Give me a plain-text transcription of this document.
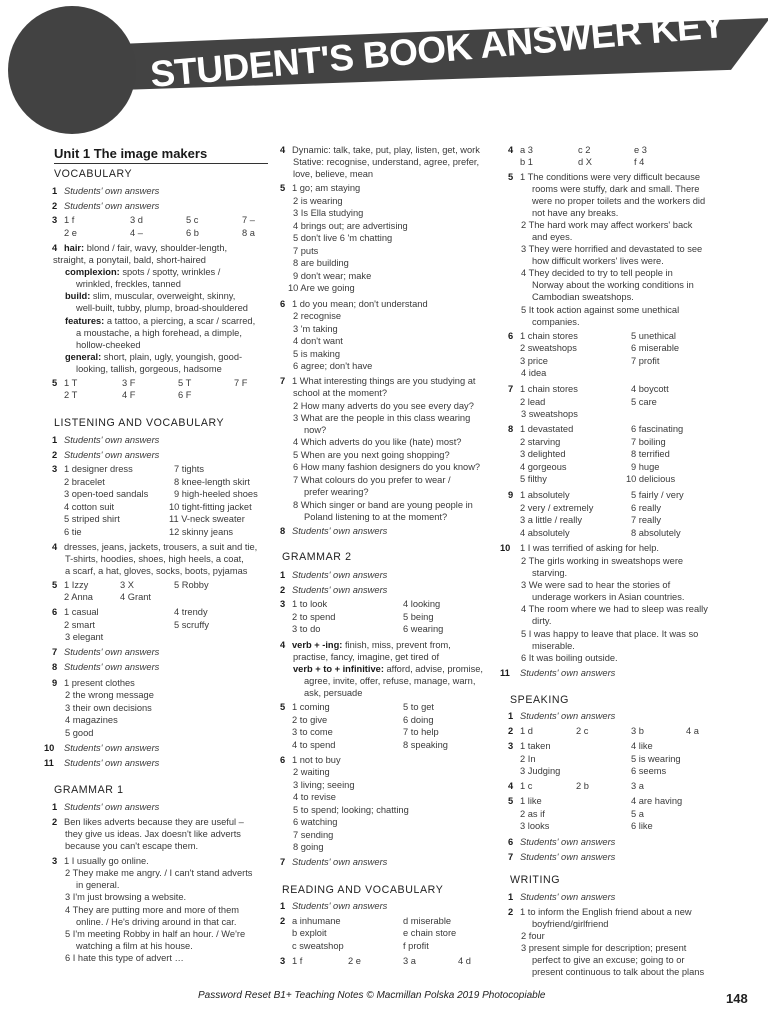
STUDENT'S BOOK ANSWER KEY
Unit 1 The image makers
VOCABULARY
1 Students' own answers
2 Students' own answers
3 1 f	3 d	5 c	7 –
2 e	4 –	6 b	8 a
4 hair: blond / fair, wavy, shoulder-length,
straight, a ponytail, bald, short-haired
complexion: spots / spotty, wrinkles /
wrinkled, freckles, tanned
build: slim, muscular, overweight, skinny,
well-built, tubby, plump, broad-shouldered
features: a tattoo, a piercing, a scar / scarred,
a moustache, a high forehead, a dimple,
hollow-cheeked
general: short, plain, ugly, youngish, good-
looking, tallish, gorgeous, hadsome
5 1 T	3 F	5 T	7 F
2 T	4 F	6 F
LISTENING AND VOCABULARY
1 Students' own answers
2 Students' own answers
3 1 designer dress	7 tights
2 bracelet	8 knee-length skirt
3 open-toed sandals	9 high-heeled shoes
4 cotton suit	10 tight-fitting jacket
5 striped shirt	11 V-neck sweater
6 tie	12 skinny jeans
4 dresses, jeans, jackets, trousers, a suit and tie,
T-shirts, hoodies, shoes, high heels, a coat,
a scarf, a hat, gloves, socks, boots, pyjamas
5 1 Izzy	3 X	5 Robby
2 Anna	4 Grant
6 1 casual	4 trendy
2 smart	5 scruffy
3 elegant
7 Students' own answers
8 Students' own answers
9 1 present clothes
2 the wrong message
3 their own decisions
4 magazines
5 good
10 Students' own answers
11 Students' own answers
GRAMMAR 1
1 Students' own answers
2 Ben likes adverts because they are useful –
they give us ideas. Jax doesn't like adverts
because you can't escape them.
3 1 I usually go online.
2 They make me angry. / I can't stand adverts
in general.
3 I'm just browsing a website.
4 They are putting more and more of them
online. / He's driving around in that car.
5 I'm meeting Robby in half an hour. / We're
watching a film at his house.
6 I hate this type of advert …
4 Dynamic: talk, take, put, play, listen, get, work
Stative: recognise, understand, agree, prefer,
love, believe, mean
5 1 go; am staying
2 is wearing
3 Is Ella studying
4 brings out; are advertising
5 don't live 6 'm chatting
7 puts
8 are building
9 don't wear; make
10 Are we going
6 1 do you mean; don't understand
2 recognise
3 'm taking
4 don't want
5 is making
6 agree; don't have
7 1 What interesting things are you studying at
school at the moment?
2 How many adverts do you see every day?
3 What are the people in this class wearing
now?
4 Which adverts do you like (hate) most?
5 When are you next going shopping?
6 How many fashion designers do you know?
7 What colours do you prefer to wear /
prefer wearing?
8 Which singer or band are young people in
Poland listening to at the moment?
8 Students' own answers
GRAMMAR 2
1 Students' own answers
2 Students' own answers
3 1 to look	4 looking
2 to spend	5 being
3 to do	6 wearing
4 verb + -ing: finish, miss, prevent from,
practise, fancy, imagine, get tired of
verb + to + infinitive: afford, advise, promise,
agree, invite, offer, refuse, manage, warn,
ask, persuade
5 1 coming	5 to get
2 to give	6 doing
3 to come	7 to help
4 to spend	8 speaking
6 1 not to buy
2 waiting
3 living; seeing
4 to revise
5 to spend; looking; chatting
6 watching
7 sending
8 going
7 Students' own answers
READING AND VOCABULARY
1 Students' own answers
2 a inhumane	d miserable
b exploit	e chain store
c sweatshop	f profit
3 1 f	2 e	3 a	4 d
4 a 3	c 2	e 3
b 1	d X	f 4
5 1 The conditions were very difficult because
rooms were stuffy, dark and small. There
were no proper toilets and the workers did
not have any breaks.
2 The hard work may affect workers' back
and eyes.
3 They were horrified and devastated to see
how difficult workers' lives were.
4 They decided to try to tell people in
Norway about the working conditions in
Cambodian sweatshops.
5 It took action against some unethical
companies.
6 1 chain stores	5 unethical
2 sweatshops	6 miserable
3 price	7 profit
4 idea
7 1 chain stores	4 boycott
2 lead	5 care
3 sweatshops
8 1 devastated	6 fascinating
2 starving	7 boiling
3 delighted	8 terrified
4 gorgeous	9 huge
5 filthy	10 delicious
9 1 absolutely	5 fairly / very
2 very / extremely	6 really
3 a little / really	7 really
4 absolutely	8 absolutely
10 1 I was terrified of asking for help.
2 The girls working in sweatshops were
starving.
3 We were sad to hear the stories of
underage workers in Asian countries.
4 The room where we had to sleep was really
dirty.
5 I was happy to leave that place. It was so
miserable.
6 It was boiling outside.
11 Students' own answers
SPEAKING
1 Students' own answers
2 1 d	2 c	3 b	4 a
3 1 taken	4 like
2 In	5 is wearing
3 Judging	6 seems
4 1 c	2 b	3 a
5 1 like	4 are having
2 as if	5 a
3 looks	6 like
6 Students' own answers
7 Students' own answers
WRITING
1 Students' own answers
2 1 to inform the English friend about a new
boyfriend/girlfriend
2 four
3 present simple for description; present
perfect to give an excuse; going to or
present continuous to talk about the plans
Password Reset B1+ Teaching Notes © Macmillan Polska 2019 Photocopiable	148
